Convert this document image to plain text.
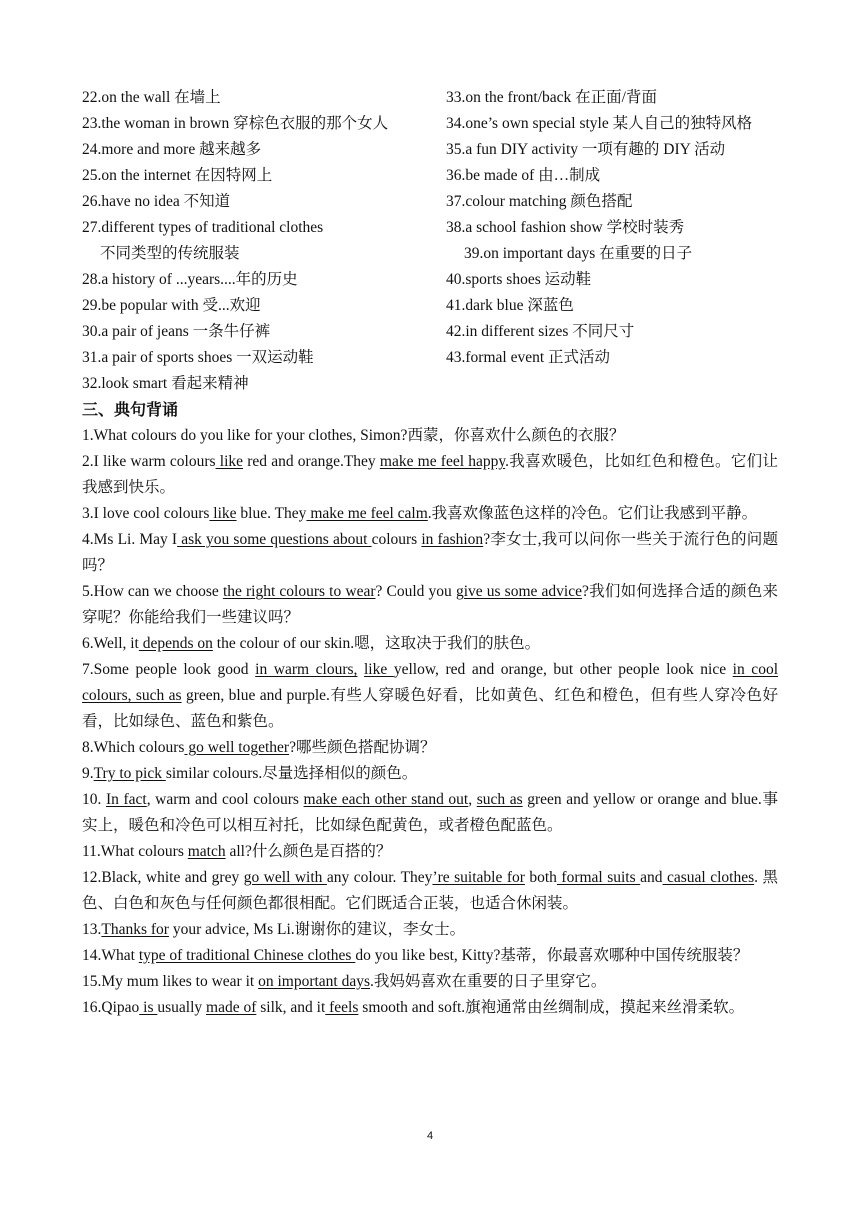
22.on the wall 在墙上	33.on the front/back 在正面/背面
23.the woman in brown 穿棕色衣服的那个女人	34.one’s own special style 某人自己的独特风格
24.more and more 越来越多	35.a fun DIY activity 一项有趣的 DIY 活动
25.on the internet 在因特网上	36.be made of 由…制成
26.have no idea 不知道	37.colour matching 颜色搭配
27.different types of traditional clothes	38.a school fashion show 学校时装秀
不同类型的传统服装	39.on important days 在重要的日子
28.a history of ...years....年的历史	40.sports shoes 运动鞋
29.be popular with 受...欢迎	41.dark blue 深蓝色
30.a pair of jeans 一条牛仔裤	42.in different sizes 不同尺寸
31.a pair of sports shoes 一双运动鞋	43.formal event 正式活动
32.look smart 看起来精神
三、典句背诵

1.What colours do you like for your clothes, Simon?西蒙，你喜欢什么颜色的衣服？

2.I like warm colours like red and orange.They make me feel happy.我喜欢暖色，比如红色和橙色。它们让我感到快乐。

3.I love cool colours like blue. They make me feel calm.我喜欢像蓝色这样的冷色。它们让我感到平静。

4.Ms Li. May I ask you some questions about colours in fashion?李女士,我可以问你一些关于流行色的问题吗？

5.How can we choose the right colours to wear? Could you give us some advice?我们如何选择合适的颜色来穿呢？你能给我们一些建议吗？

6.Well, it depends on the colour of our skin.嗯，这取决于我们的肤色。

7.Some people look good in warm clours, like yellow, red and orange, but other people look nice in cool colours, such as green, blue and purple.有些人穿暖色好看，比如黄色、红色和橙色，但有些人穿冷色好看，比如绿色、蓝色和紫色。

8.Which colours go well together?哪些颜色搭配协调？

9.Try to pick similar colours.尽量选择相似的颜色。

10. In fact, warm and cool colours make each other stand out, such as green and yellow or orange and blue.事实上，暖色和冷色可以相互衬托，比如绿色配黄色，或者橙色配蓝色。

11.What colours match all?什么颜色是百搭的？

12.Black, white and grey go well with any colour. They’re suitable for both formal suits and casual clothes. 黑色、白色和灰色与任何颜色都很相配。它们既适合正装，也适合休闲装。

13.Thanks for your advice, Ms Li.谢谢你的建议，李女士。

14.What type of traditional Chinese clothes do you like best, Kitty?基蒂，你最喜欢哪种中国传统服装？

15.My mum likes to wear it on important days.我妈妈喜欢在重要的日子里穿它。

16.Qipao is usually made of silk, and it feels smooth and soft.旗袍通常由丝绸制成，摸起来丝滑柔软。

4
